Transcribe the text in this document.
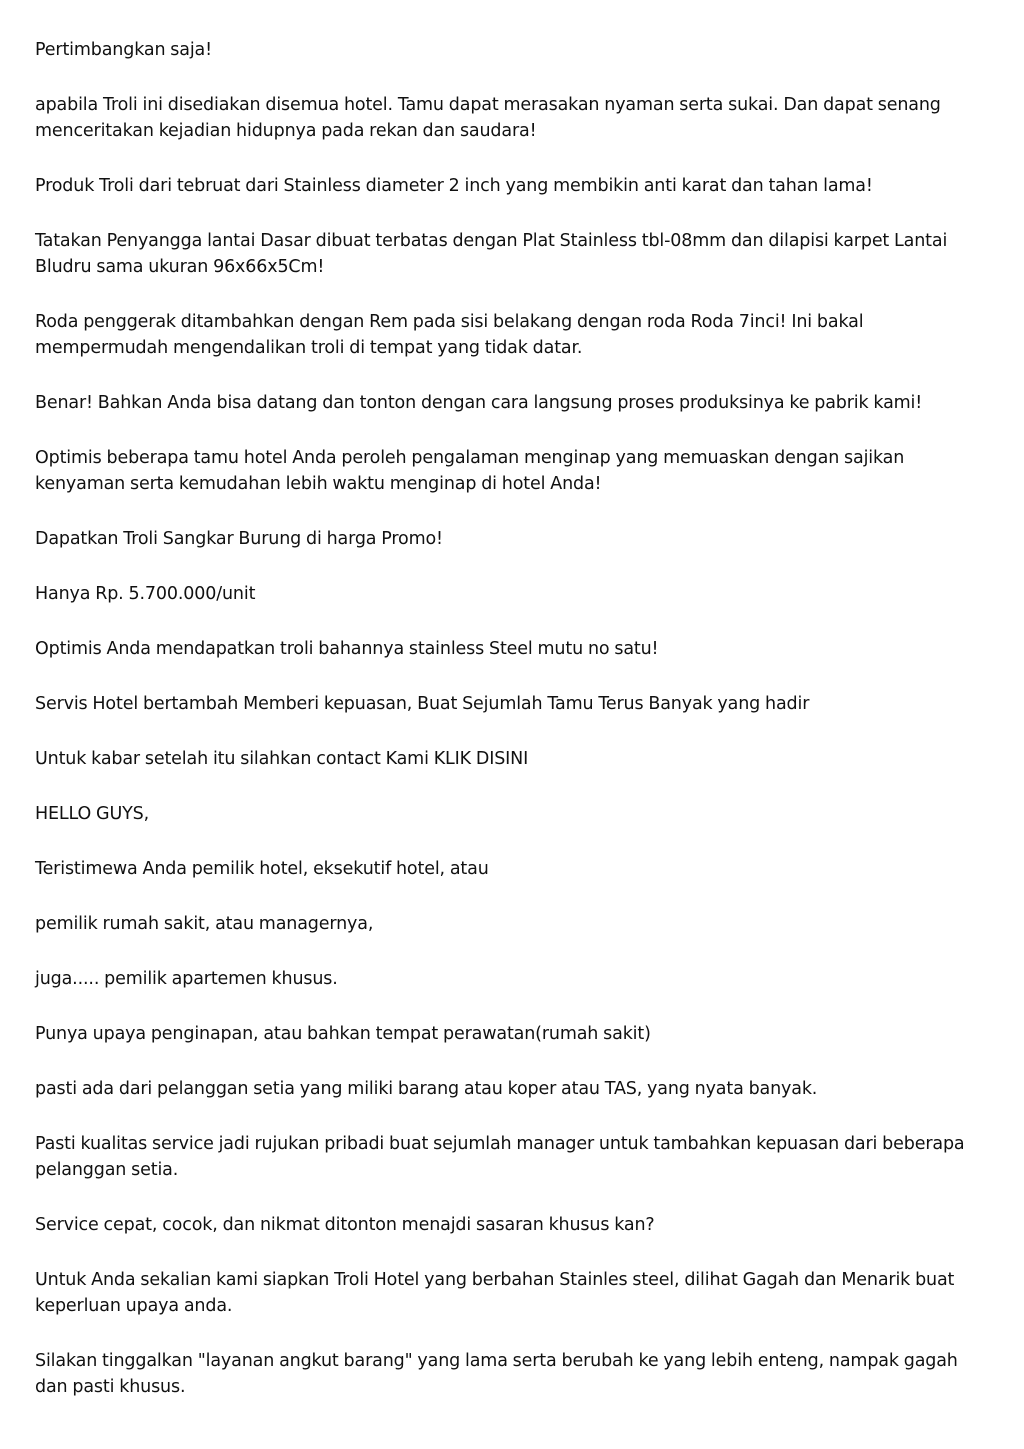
Pertimbangkan saja!

apabila Troli ini disediakan disemua hotel. Tamu dapat merasakan nyaman serta sukai. Dan dapat senang menceritakan kejadian hidupnya pada rekan dan saudara!

Produk Troli dari tebruat dari Stainless diameter 2 inch yang membikin anti karat dan tahan lama!

Tatakan Penyangga lantai Dasar dibuat terbatas dengan Plat Stainless tbl-08mm dan dilapisi karpet Lantai Bludru sama ukuran 96x66x5Cm!

Roda penggerak ditambahkan dengan Rem pada sisi belakang dengan roda Roda 7inci! Ini bakal mempermudah mengendalikan troli di tempat yang tidak datar.

Benar! Bahkan Anda bisa datang dan tonton dengan cara langsung proses produksinya ke pabrik kami!

Optimis beberapa tamu hotel Anda peroleh pengalaman menginap yang memuaskan dengan sajikan kenyaman serta kemudahan lebih waktu menginap di hotel Anda!

Dapatkan Troli Sangkar Burung di harga Promo!

Hanya Rp. 5.700.000/unit

Optimis Anda mendapatkan troli bahannya stainless Steel mutu no satu!

Servis Hotel bertambah Memberi kepuasan, Buat Sejumlah Tamu Terus Banyak yang hadir

Untuk kabar setelah itu silahkan contact Kami KLIK DISINI

HELLO GUYS,

Teristimewa Anda pemilik hotel, eksekutif hotel, atau

pemilik rumah sakit, atau managernya,

juga..... pemilik apartemen khusus.

Punya upaya penginapan, atau bahkan tempat perawatan(rumah sakit)

pasti ada dari pelanggan setia yang miliki barang atau koper atau TAS, yang nyata banyak.

Pasti kualitas service jadi rujukan pribadi buat sejumlah manager untuk tambahkan kepuasan dari beberapa pelanggan setia.

Service cepat, cocok, dan nikmat ditonton menajdi sasaran khusus kan?

Untuk Anda sekalian kami siapkan Troli Hotel yang berbahan Stainles steel, dilihat Gagah dan Menarik buat keperluan upaya anda.

Silakan tinggalkan "layanan angkut barang" yang lama serta berubah ke yang lebih enteng, nampak gagah dan pasti khusus.
